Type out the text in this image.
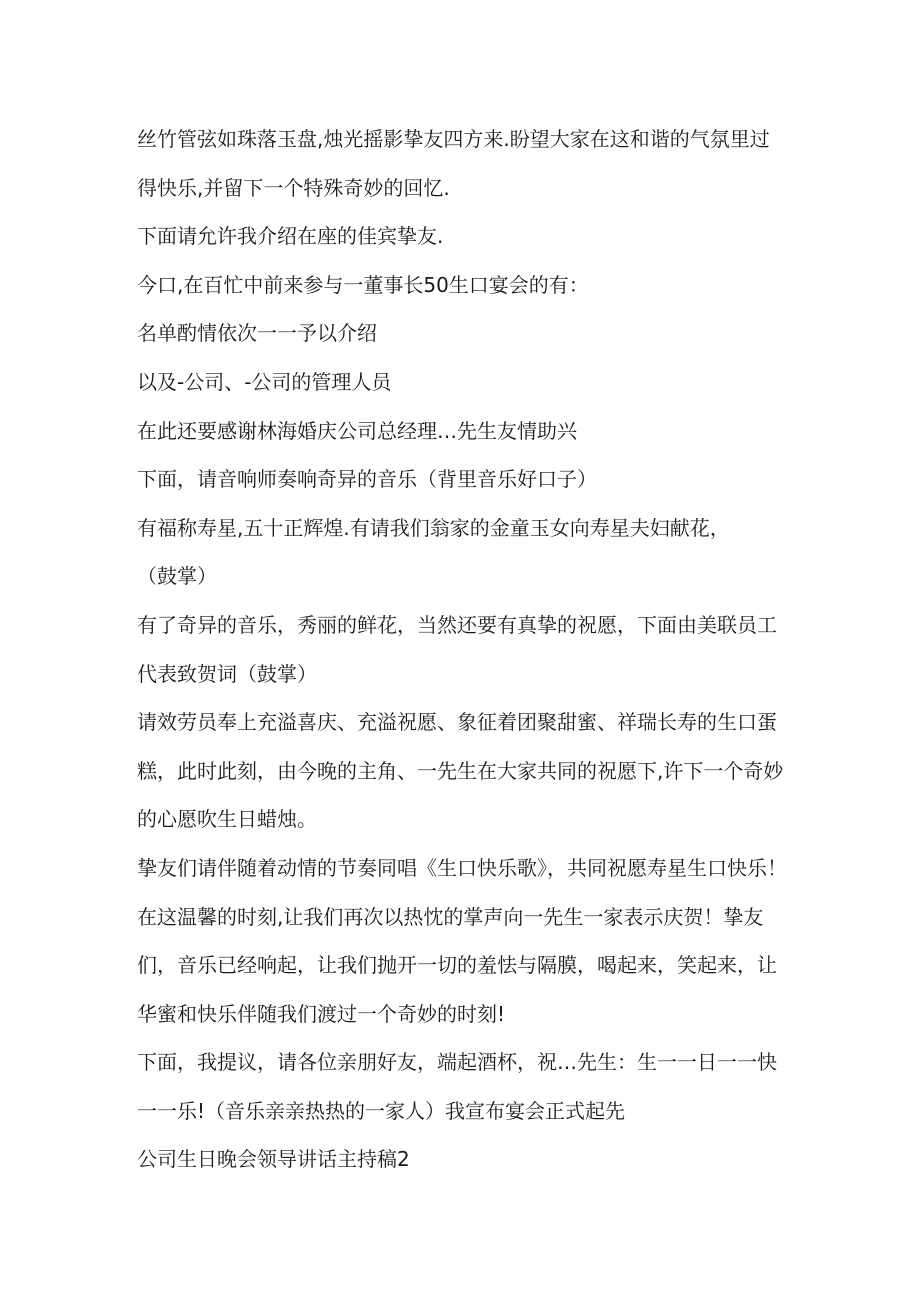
丝竹管弦如珠落玉盘,烛光摇影挚友四方来.盼望大家在这和谐的气氛里过

得快乐,并留下一个特殊奇妙的回忆.

下面请允许我介绍在座的佳宾挚友.

今口,在百忙中前来参与一董事长50生口宴会的有：

名单酌情依次一一予以介绍

以及-公司、-公司的管理人员

在此还要感谢林海婚庆公司总经理…先生友情助兴

下面，请音响师奏响奇异的音乐（背里音乐好口子）

有福称寿星,五十正辉煌.有请我们翁家的金童玉女向寿星夫妇献花，

（鼓掌）

有了奇异的音乐，秀丽的鲜花，当然还要有真挚的祝愿，下面由美联员工

代表致贺词（鼓掌）

请效劳员奉上充溢喜庆、充溢祝愿、象征着团聚甜蜜、祥瑞长寿的生口蛋

糕，此时此刻，由今晚的主角、一先生在大家共同的祝愿下,许下一个奇妙

的心愿吹生日蜡烛。

挚友们请伴随着动情的节奏同唱《生口快乐歌》，共同祝愿寿星生口快乐！

在这温馨的时刻,让我们再次以热忱的掌声向一先生一家表示庆贺！挚友

们，音乐已经响起，让我们抛开一切的羞怯与隔膜，喝起来，笑起来，让

华蜜和快乐伴随我们渡过一个奇妙的时刻!

下面，我提议，请各位亲朋好友，端起酒杯，祝…先生：生一一日一一快

一一乐!（音乐亲亲热热的一家人）我宣布宴会正式起先

公司生日晚会领导讲话主持稿2
